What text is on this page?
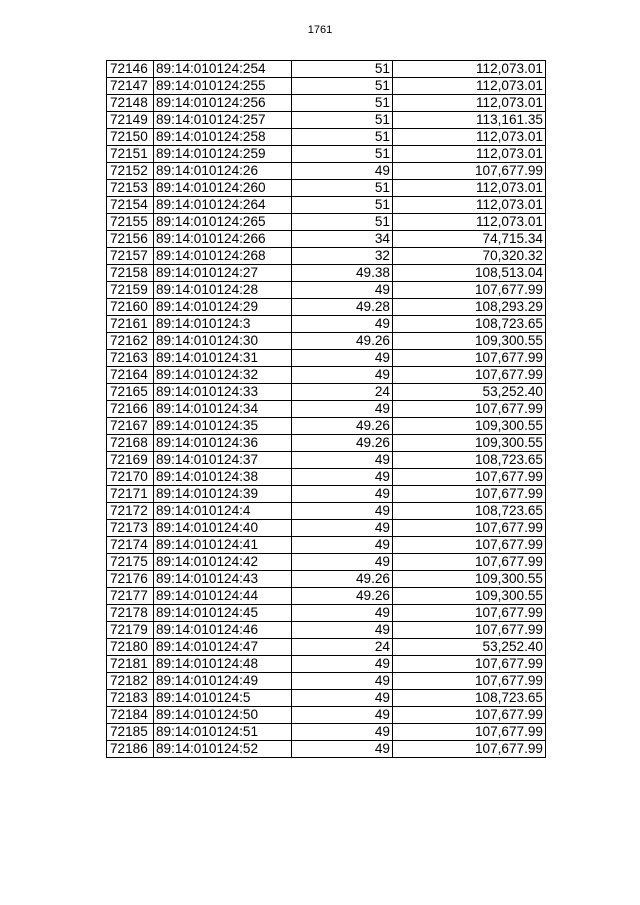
1761
72146	89:14:010124:254	51	112,073.01
72147	89:14:010124:255	51	112,073.01
72148	89:14:010124:256	51	112,073.01
72149	89:14:010124:257	51	113,161.35
72150	89:14:010124:258	51	112,073.01
72151	89:14:010124:259	51	112,073.01
72152	89:14:010124:26	49	107,677.99
72153	89:14:010124:260	51	112,073.01
72154	89:14:010124:264	51	112,073.01
72155	89:14:010124:265	51	112,073.01
72156	89:14:010124:266	34	74,715.34
72157	89:14:010124:268	32	70,320.32
72158	89:14:010124:27	49.38	108,513.04
72159	89:14:010124:28	49	107,677.99
72160	89:14:010124:29	49.28	108,293.29
72161	89:14:010124:3	49	108,723.65
72162	89:14:010124:30	49.26	109,300.55
72163	89:14:010124:31	49	107,677.99
72164	89:14:010124:32	49	107,677.99
72165	89:14:010124:33	24	53,252.40
72166	89:14:010124:34	49	107,677.99
72167	89:14:010124:35	49.26	109,300.55
72168	89:14:010124:36	49.26	109,300.55
72169	89:14:010124:37	49	108,723.65
72170	89:14:010124:38	49	107,677.99
72171	89:14:010124:39	49	107,677.99
72172	89:14:010124:4	49	108,723.65
72173	89:14:010124:40	49	107,677.99
72174	89:14:010124:41	49	107,677.99
72175	89:14:010124:42	49	107,677.99
72176	89:14:010124:43	49.26	109,300.55
72177	89:14:010124:44	49.26	109,300.55
72178	89:14:010124:45	49	107,677.99
72179	89:14:010124:46	49	107,677.99
72180	89:14:010124:47	24	53,252.40
72181	89:14:010124:48	49	107,677.99
72182	89:14:010124:49	49	107,677.99
72183	89:14:010124:5	49	108,723.65
72184	89:14:010124:50	49	107,677.99
72185	89:14:010124:51	49	107,677.99
72186	89:14:010124:52	49	107,677.99
